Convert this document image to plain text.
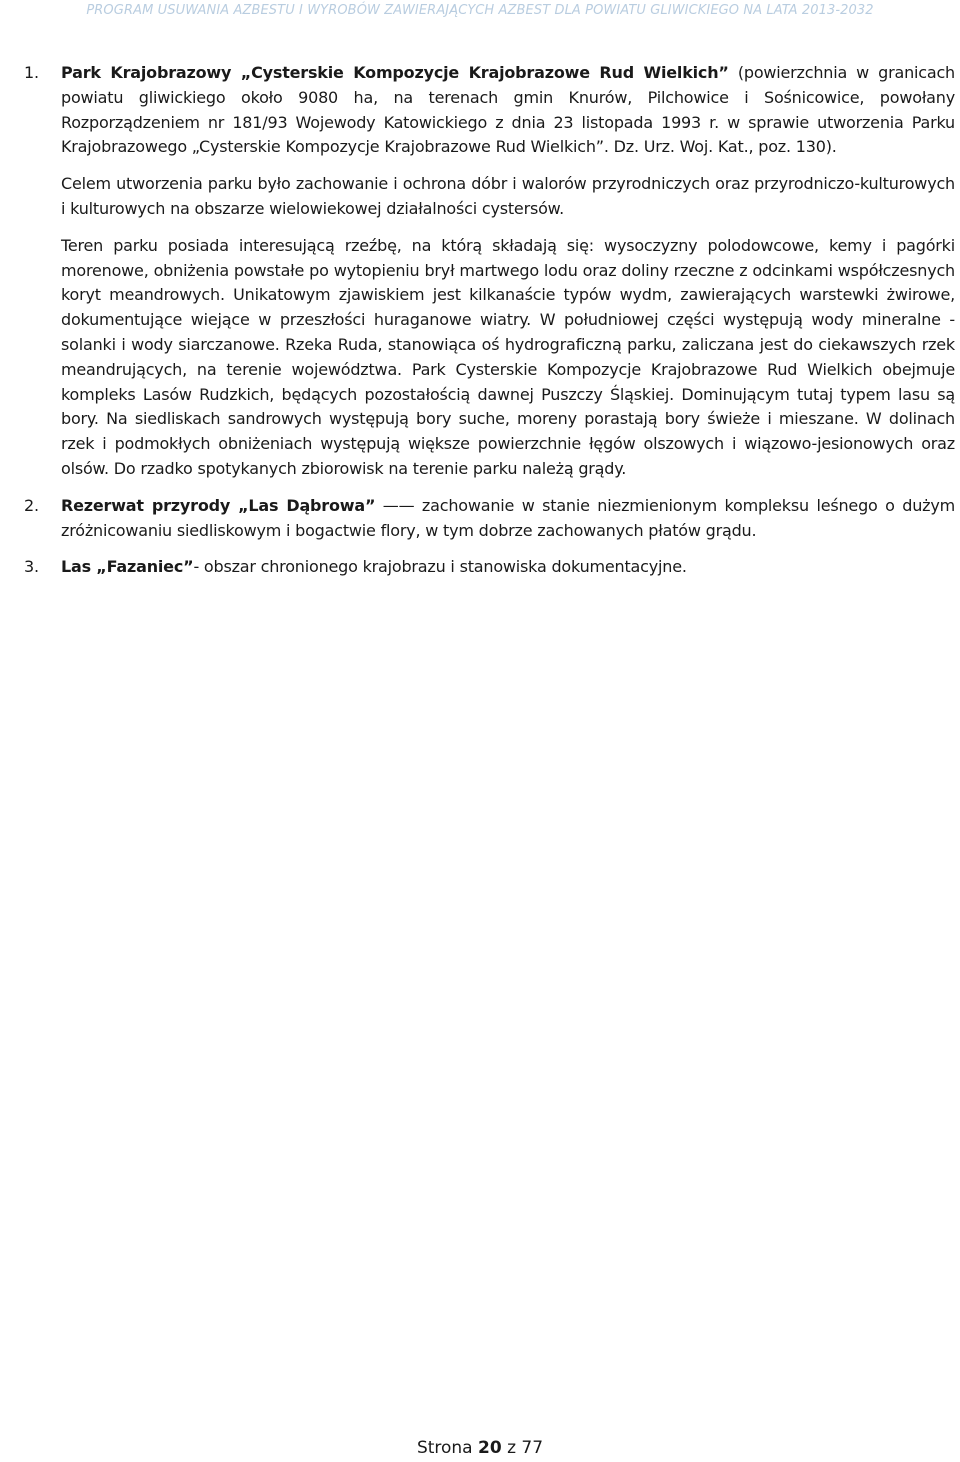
PROGRAM USUWANIA AZBESTU I WYROBÓW ZAWIERAJĄCYCH AZBEST DLA POWIATU GLIWICKIEGO NA LATA 2013-2032
1.	Park Krajobrazowy „Cysterskie Kompozycje Krajobrazowe Rud Wielkich” (powierzchnia w granicach powiatu gliwickiego około 9080 ha, na terenach gmin Knurów, Pilchowice i Sośnicowice, powołany Rozporządzeniem nr 181/93 Wojewody Katowickiego z dnia 23 listopada 1993 r. w sprawie utworzenia Parku Krajobrazowego „Cysterskie Kompozycje Krajobrazowe Rud Wielkich”. Dz. Urz. Woj. Kat., poz. 130).

Celem utworzenia parku było zachowanie i ochrona dóbr i walorów przyrodniczych oraz przyrodniczo-kulturowych i kulturowych na obszarze wielowiekowej działalności cystersów.

Teren parku posiada interesującą rzeźbę, na którą składają się: wysoczyzny polodowcowe, kemy i pagórki morenowe, obniżenia powstałe po wytopieniu brył martwego lodu oraz doliny rzeczne z odcinkami współczesnych koryt meandrowych. Unikatowym zjawiskiem jest kilkanaście typów wydm, zawierających warstewki żwirowe, dokumentujące wiejące w przeszłości huraganowe wiatry. W południowej części występują wody mineralne - solanki i wody siarczanowe. Rzeka Ruda, stanowiąca oś hydrograficzną parku, zaliczana jest do ciekawszych rzek meandrujących, na terenie województwa. Park Cysterskie Kompozycje Krajobrazowe Rud Wielkich obejmuje kompleks Lasów Rudzkich, będących pozostałością dawnej Puszczy Śląskiej. Dominującym tutaj typem lasu są bory. Na siedliskach sandrowych występują bory suche, moreny porastają bory świeże i mieszane. W dolinach rzek i podmokłych obniżeniach występują większe powierzchnie łęgów olszowych i wiązowo-jesionowych oraz olsów. Do rzadko spotykanych zbiorowisk na terenie parku należą grądy.

2.	Rezerwat przyrody „Las Dąbrowa” —— zachowanie w stanie niezmienionym kompleksu leśnego o dużym zróżnicowaniu siedliskowym i bogactwie flory, w tym dobrze zachowanych płatów grądu.

3.	Las „Fazaniec”- obszar chronionego krajobrazu i stanowiska dokumentacyjne.

Strona 20 z 77
